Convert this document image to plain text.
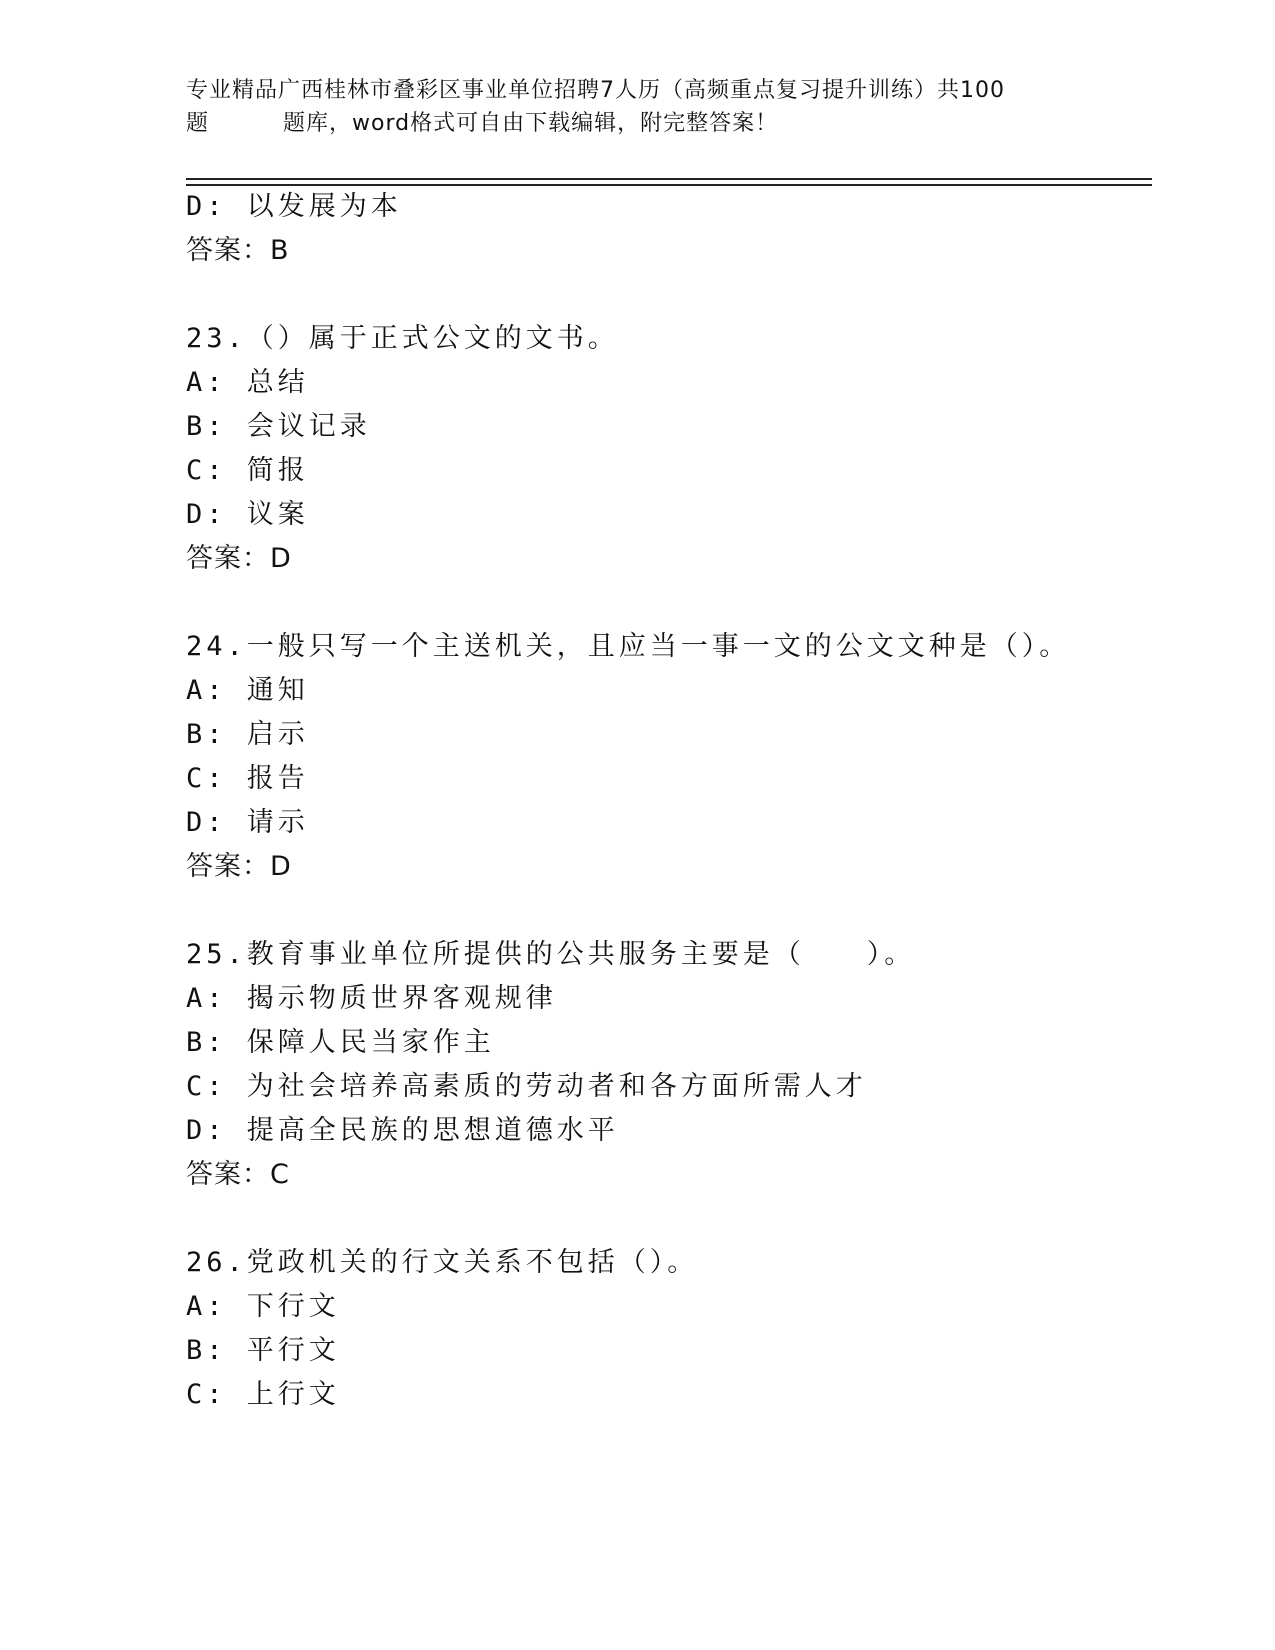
专业精品广西桂林市叠彩区事业单位招聘7人历（高频重点复习提升训练）共100
题	题库，word格式可自由下载编辑，附完整答案！
D: 以发展为本
答案：B
23.（）属于正式公文的文书。
A: 总结
B: 会议记录
C: 简报
D: 议案
答案：D
24.一般只写一个主送机关，且应当一事一文的公文文种是（）。
A: 通知
B: 启示
C: 报告
D: 请示
答案：D
25.教育事业单位所提供的公共服务主要是（　　）。
A: 揭示物质世界客观规律
B: 保障人民当家作主
C: 为社会培养高素质的劳动者和各方面所需人才
D: 提高全民族的思想道德水平
答案：C
26.党政机关的行文关系不包括（）。
A: 下行文
B: 平行文
C: 上行文
